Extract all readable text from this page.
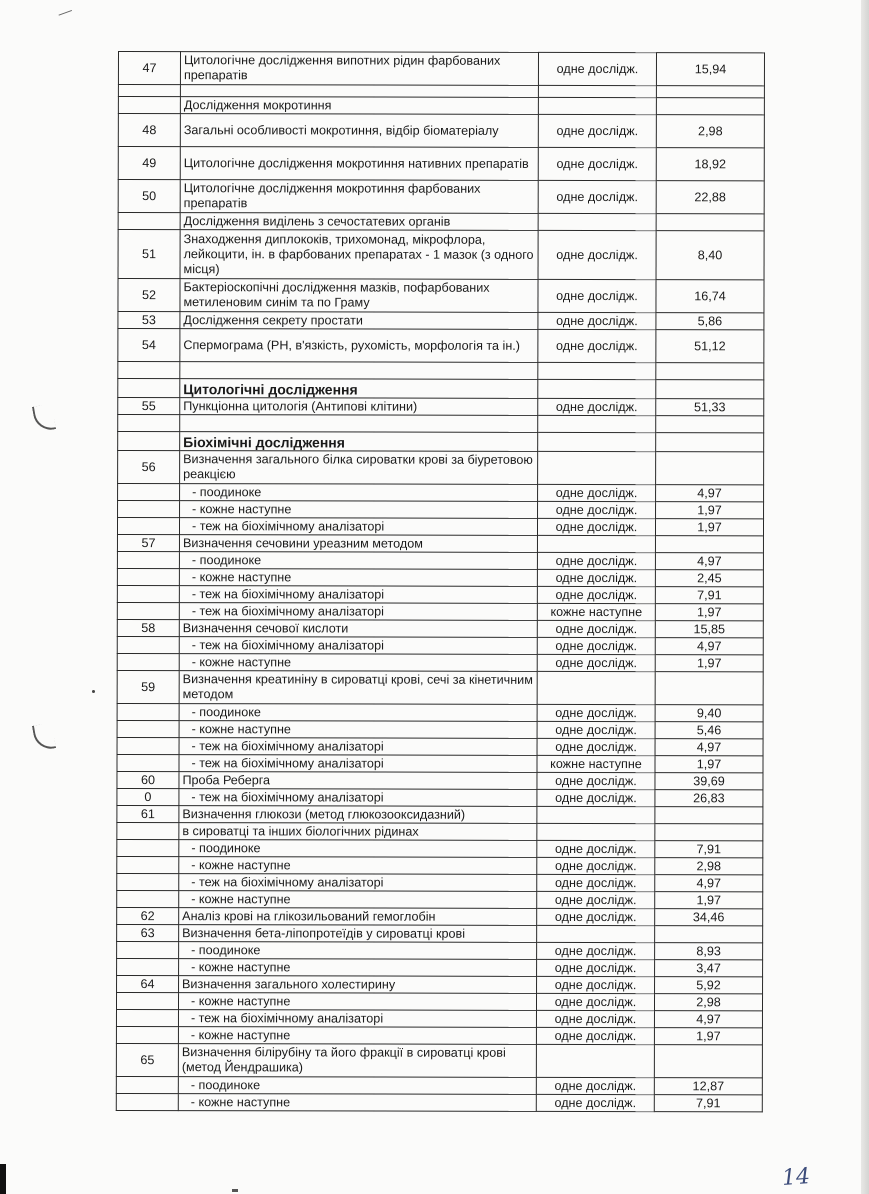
47	Цитологічне дослідження випотних рідин фарбованих препаратів	одне дослідж.	15,94

	Дослідження мокротиння		
48	Загальні особливості мокротиння, відбір біоматеріалу	одне дослідж.	2,98
49	Цитологічне дослідження мокротиння нативних препаратів	одне дослідж.	18,92
50	Цитологічне дослідження мокротиння фарбованих препаратів	одне дослідж.	22,88
	Дослідження виділень з сечостатевих органів		
51	Знаходження диплококів, трихомонад, мікрофлора, лейкоцити, ін. в фарбованих препаратах - 1 мазок (з одного місця)	одне дослідж.	8,40
52	Бактеріоскопічні дослідження мазків, пофарбованих метиленовим синім та по Граму	одне дослідж.	16,74
53	Дослідження секрету простати	одне дослідж.	5,86
54	Спермограма (РН, в'язкість, рухомість, морфологія та ін.)	одне дослідж.	51,12

	Цитологічні дослідження		
55	Пункціонна цитологія (Антипові клітини)	одне дослідж.	51,33

	Біохімічні дослідження		
56	Визначення загального білка сироватки крові за біуретовою реакцією		
	- поодиноке	одне дослідж.	4,97
	- кожне наступне	одне дослідж.	1,97
	- теж на біохімічному аналізаторі	одне дослідж.	1,97
57	Визначення сечовини уреазним методом		
	- поодиноке	одне дослідж.	4,97
	- кожне наступне	одне дослідж.	2,45
	- теж на біохімічному аналізаторі	одне дослідж.	7,91
	- теж на біохімічному аналізаторі	кожне наступне	1,97
58	Визначення сечової кислоти	одне дослідж.	15,85
	- теж на біохімічному аналізаторі	одне дослідж.	4,97
	- кожне наступне	одне дослідж.	1,97
59	Визначення креатиніну в сироватці крові, сечі за кінетичним методом		
	- поодиноке	одне дослідж.	9,40
	- кожне наступне	одне дослідж.	5,46
	- теж на біохімічному аналізаторі	одне дослідж.	4,97
	- теж на біохімічному аналізаторі	кожне наступне	1,97
60	Проба Реберга	одне дослідж.	39,69
0	- теж на біохімічному аналізаторі	одне дослідж.	26,83
61	Визначення глюкози (метод глюкозооксидазний)		
	в сироватці та інших біологічних рідинах		
	- поодиноке	одне дослідж.	7,91
	- кожне наступне	одне дослідж.	2,98
	- теж на біохімічному аналізаторі	одне дослідж.	4,97
	- кожне наступне	одне дослідж.	1,97
62	Аналіз крові на глікозильований гемоглобін	одне дослідж.	34,46
63	Визначення бета-ліпопротеїдів у сироватці крові		
	- поодиноке	одне дослідж.	8,93
	- кожне наступне	одне дослідж.	3,47
64	Визначення загального холестирину	одне дослідж.	5,92
	- кожне наступне	одне дослідж.	2,98
	- теж на біохімічному аналізаторі	одне дослідж.	4,97
	- кожне наступне	одне дослідж.	1,97
65	Визначення білірубіну та його фракції в сироватці крові (метод Йендрашика)		
	- поодиноке	одне дослідж.	12,87
	- кожне наступне	одне дослідж.	7,91
14
